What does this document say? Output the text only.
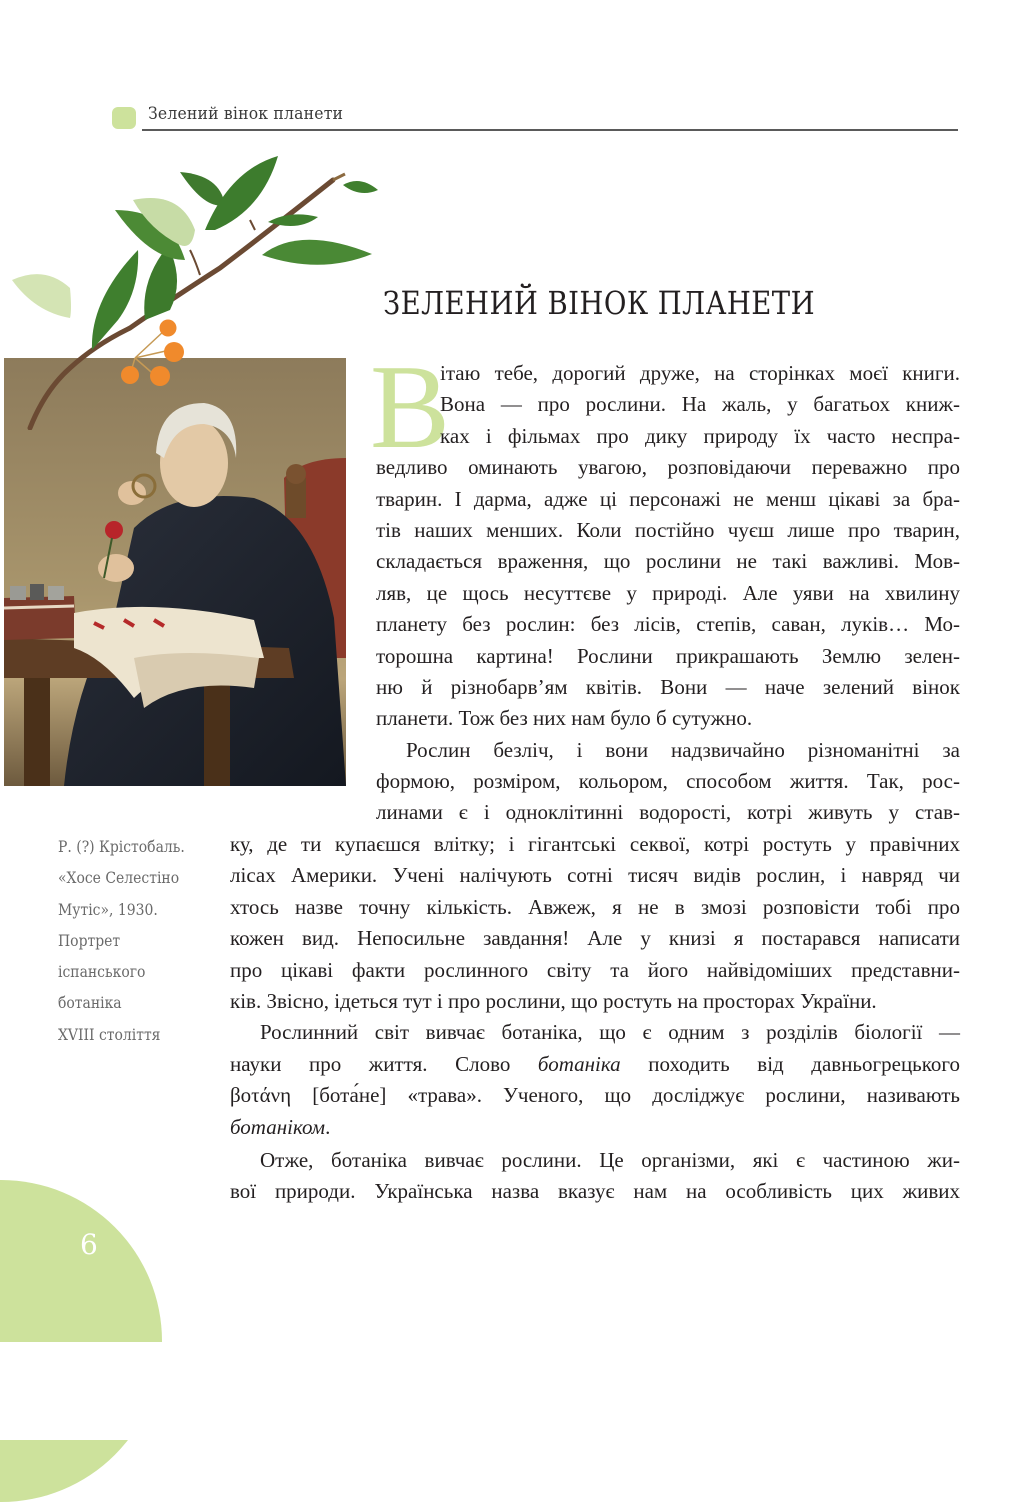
Зелений вінок планети
ЗЕЛЕНИЙ ВІНОК ПЛАНЕТИ
В
ітаю тебе, дорогий друже, на сторінках моєї книги.
Вона — про рослини. На жаль, у багатьох книж-
ках і фільмах про дику природу їх часто неспра-
ведливо оминають увагою, розповідаючи переважно про
тварин. І дарма, адже ці персонажі не менш цікаві за бра-
тів наших менших. Коли постійно чуєш лише про тварин,
складається враження, що рослини не такі важливі. Мов-
ляв, це щось несуттєве у природі. Але уяви на хвилину
планету без рослин: без лісів, степів, саван, луків… Мо-
торошна картина! Рослини прикрашають Землю зелен-
ню й різнобарв’ям квітів. Вони — наче зелений вінок
планети. Тож без них нам було б сутужно.
Рослин безліч, і вони надзвичайно різноманітні за
формою, розміром, кольором, способом життя. Так, рос-
линами є і одноклітинні водорості, котрі живуть у став-
ку, де ти купаєшся влітку; і гігантські секвої, котрі ростуть у правічних
лісах Америки. Учені налічують сотні тисяч видів рослин, і навряд чи
хтось назве точну кількість. Авжеж, я не в змозі розповісти тобі про
кожен вид. Непосильне завдання! Але у книзі я постарався написати
про цікаві факти рослинного світу та його найвідоміших представни-
ків. Звісно, ідеться тут і про рослини, що ростуть на просторах України.
Рослинний світ вивчає ботаніка, що є одним з розділів біології —
науки про життя. Слово ботаніка походить від давньогрецького
βοτάνη [бота́не] «трава». Ученого, що досліджує рослини, називають
ботаніком.
Отже, ботаніка вивчає рослини. Це організми, які є частиною жи-
вої природи. Українська назва вказує нам на особливість цих живих
Р. (?) Крістобаль.
«Хосе Селестіно
Мутіс», 1930.
Портрет
іспанського
ботаніка
XVIII століття
6
